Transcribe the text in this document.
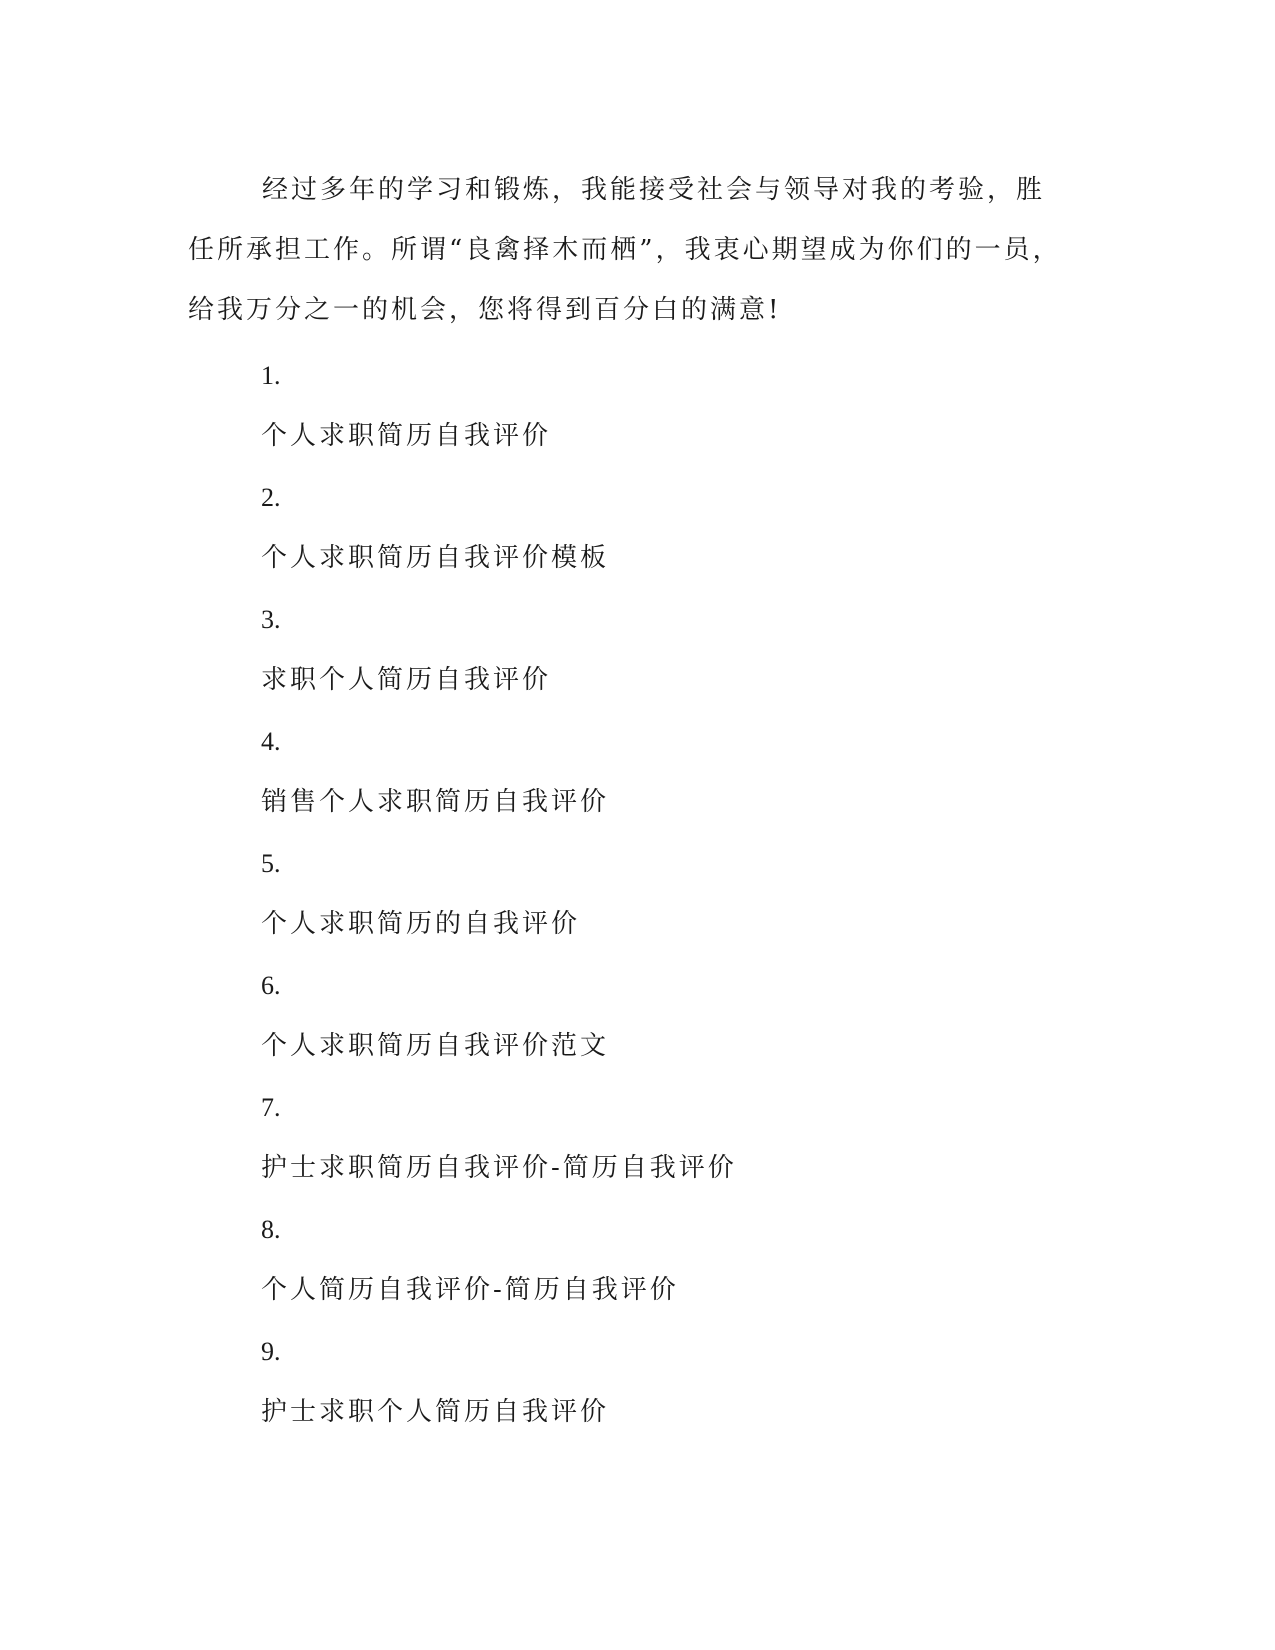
经过多年的学习和锻炼，我能接受社会与领导对我的考验，胜任所承担工作。所谓“良禽择木而栖”，我衷心期望成为你们的一员，给我万分之一的机会，您将得到百分白的满意!

1.
个人求职简历自我评价
2.
个人求职简历自我评价模板
3.
求职个人简历自我评价
4.
销售个人求职简历自我评价
5.
个人求职简历的自我评价
6.
个人求职简历自我评价范文
7.
护士求职简历自我评价-简历自我评价
8.
个人简历自我评价-简历自我评价
9.
护士求职个人简历自我评价
